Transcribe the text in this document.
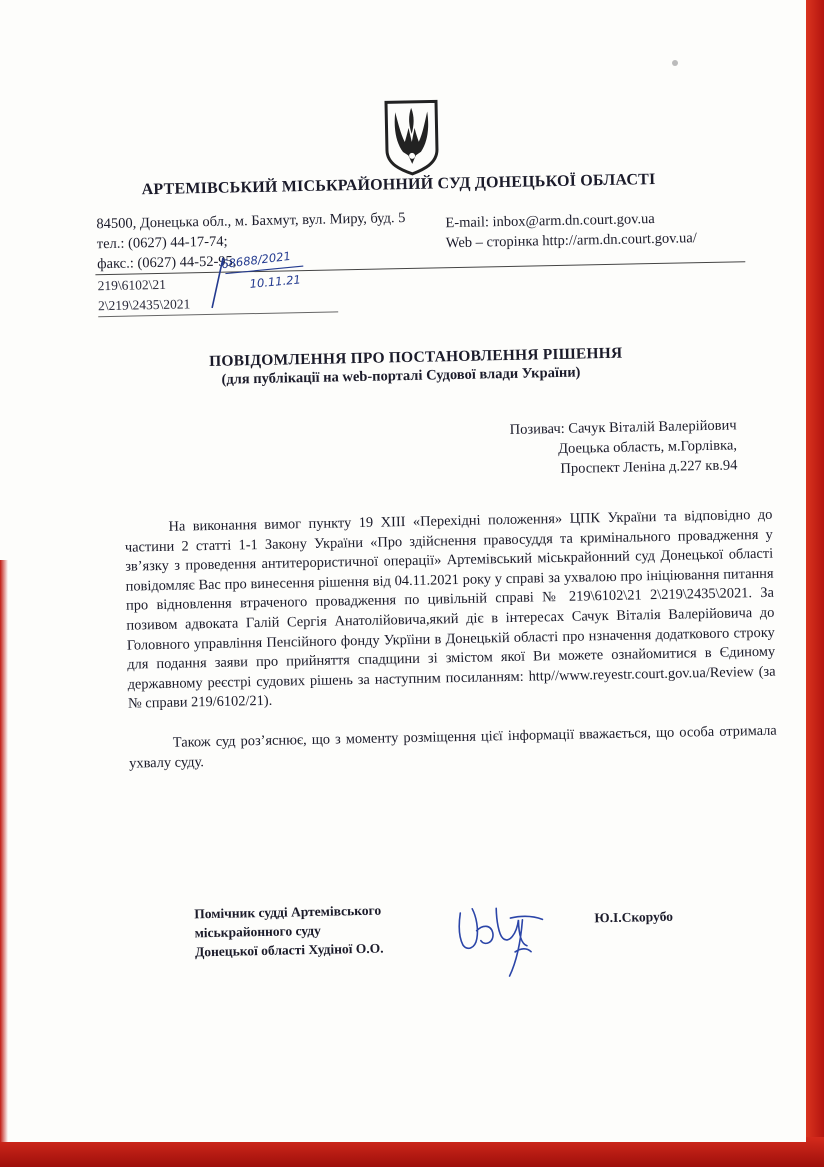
АРТЕМІВСЬКИЙ МІСЬКРАЙОННИЙ СУД ДОНЕЦЬКОЇ ОБЛАСТІ
84500, Донецька обл., м. Бахмут, вул. Миру, буд. 5
тел.: (0627) 44-17-74;
факс.: (0627) 44-52-95,
E-mail: inbox@arm.dn.court.gov.ua
Web – сторінка http://arm.dn.court.gov.ua/
219\6102\21
2\219\2435\2021
68688/2021
10.11.21
ПОВІДОМЛЕННЯ ПРО ПОСТАНОВЛЕННЯ РІШЕННЯ
(для публікації на web-порталі Судової влади України)
Позивач: Сачук Віталій Валерійович
Доецька область, м.Горлівка,
Проспект Леніна д.227 кв.94

На виконання вимог пункту 19 XIII «Перехідні положення» ЦПК України та відповідно до частини 2 статті 1-1 Закону України «Про здійснення правосуддя та кримінального провадження у зв’язку з проведення антитерористичної операції» Артемівський міськрайонний суд Донецької області повідомляє Вас про винесення рішення від 04.11.2021 року у справі за ухвалою про ініціювання питання про відновлення втраченого провадження по цивільній справі № 219\6102\21 2\219\2435\2021. За позивом адвоката Галій Сергія Анатолійовича,який діє в інтересах Сачук Віталія Валерійовича до Головного управління Пенсійного фонду Укрїіни в Донецькій області про нзначення додаткового строку для подання заяви про прийняття спадщини зі змістом якої Ви можете ознайомитися в Єдиному державному реєстрі судових рішень за наступним посиланням: http//www.reyestr.court.gov.ua/Review (за № справи 219/6102/21).

Також суд роз’яснює, що з моменту розміщення цієї інформації вважається, що особа отримала ухвалу суду.

Помічник судді Артемівського
міськрайонного суду
Донецької області Худіної О.О.
Ю.І.Скорубо
